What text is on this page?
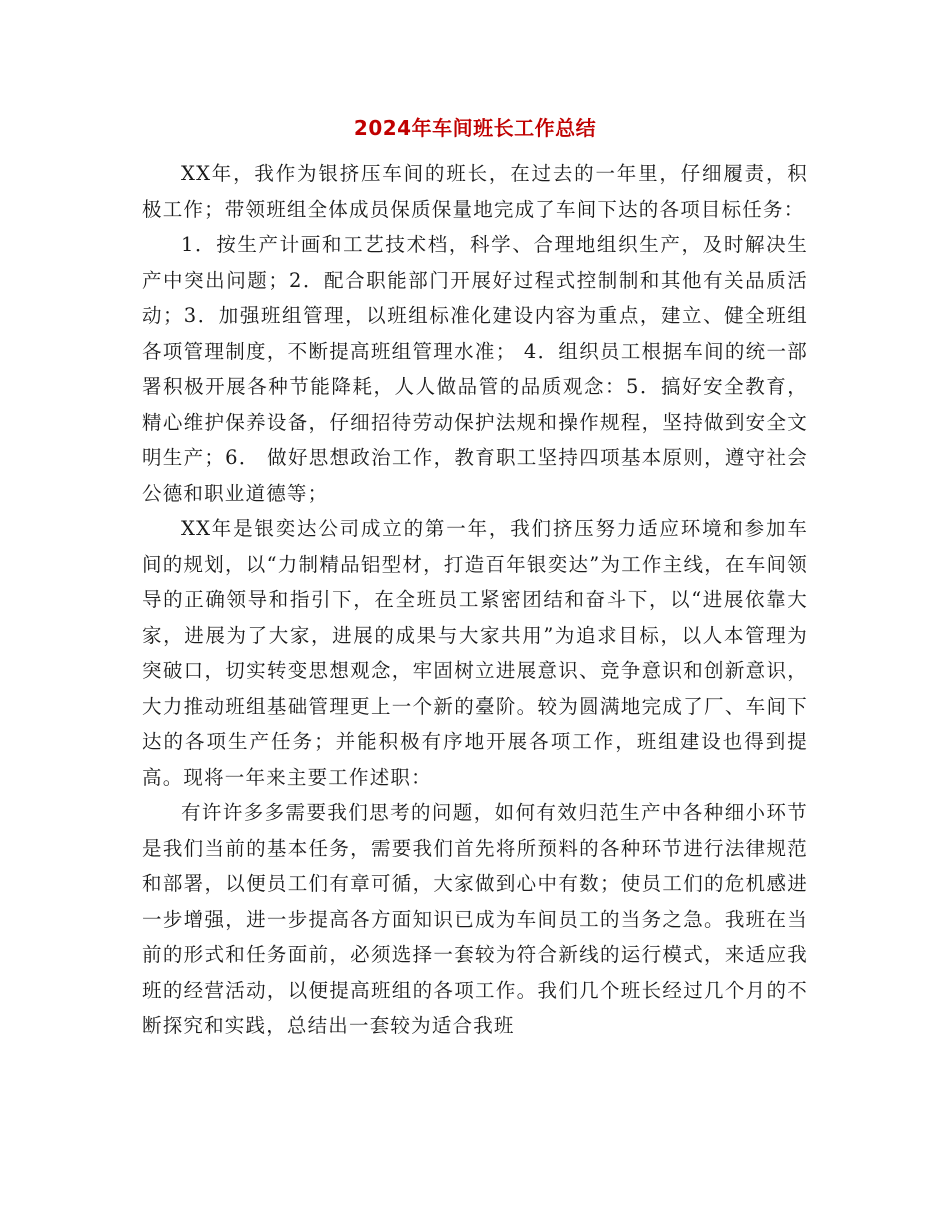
2024年车间班长工作总结

XX年，我作为银挤压车间的班长，在过去的一年里，仔细履责，积极工作；带领班组全体成员保质保量地完成了车间下达的各项目标任务：

1．按生产计画和工艺技术档，科学、合理地组织生产，及时解决生产中突出问题；2．配合职能部门开展好过程式控制制和其他有关品质活动；3．加强班组管理，以班组标准化建设内容为重点，建立、健全班组各项管理制度，不断提高班组管理水准； 4．组织员工根据车间的统一部署积极开展各种节能降耗，人人做品管的品质观念：5．搞好安全教育，精心维护保养设备，仔细招待劳动保护法规和操作规程，坚持做到安全文明生产；6． 做好思想政治工作，教育职工坚持四项基本原则，遵守社会公德和职业道德等；

XX年是银奕达公司成立的第一年，我们挤压努力适应环境和参加车间的规划，以“力制精品铝型材，打造百年银奕达”为工作主线，在车间领导的正确领导和指引下，在全班员工紧密团结和奋斗下，以“进展依靠大家，进展为了大家，进展的成果与大家共用”为追求目标，以人本管理为突破口，切实转变思想观念，牢固树立进展意识、竞争意识和创新意识，大力推动班组基础管理更上一个新的臺阶。较为圆满地完成了厂、车间下达的各项生产任务；并能积极有序地开展各项工作，班组建设也得到提高。现将一年来主要工作述职：

有许许多多需要我们思考的问题，如何有效归范生产中各种细小环节是我们当前的基本任务，需要我们首先将所预料的各种环节进行法律规范和部署，以便员工们有章可循，大家做到心中有数；使员工们的危机感进一步增强，进一步提高各方面知识已成为车间员工的当务之急。我班在当前的形式和任务面前，必须选择一套较为符合新线的运行模式，来适应我班的经营活动，以便提高班组的各项工作。我们几个班长经过几个月的不断探究和实践，总结出一套较为适合我班
